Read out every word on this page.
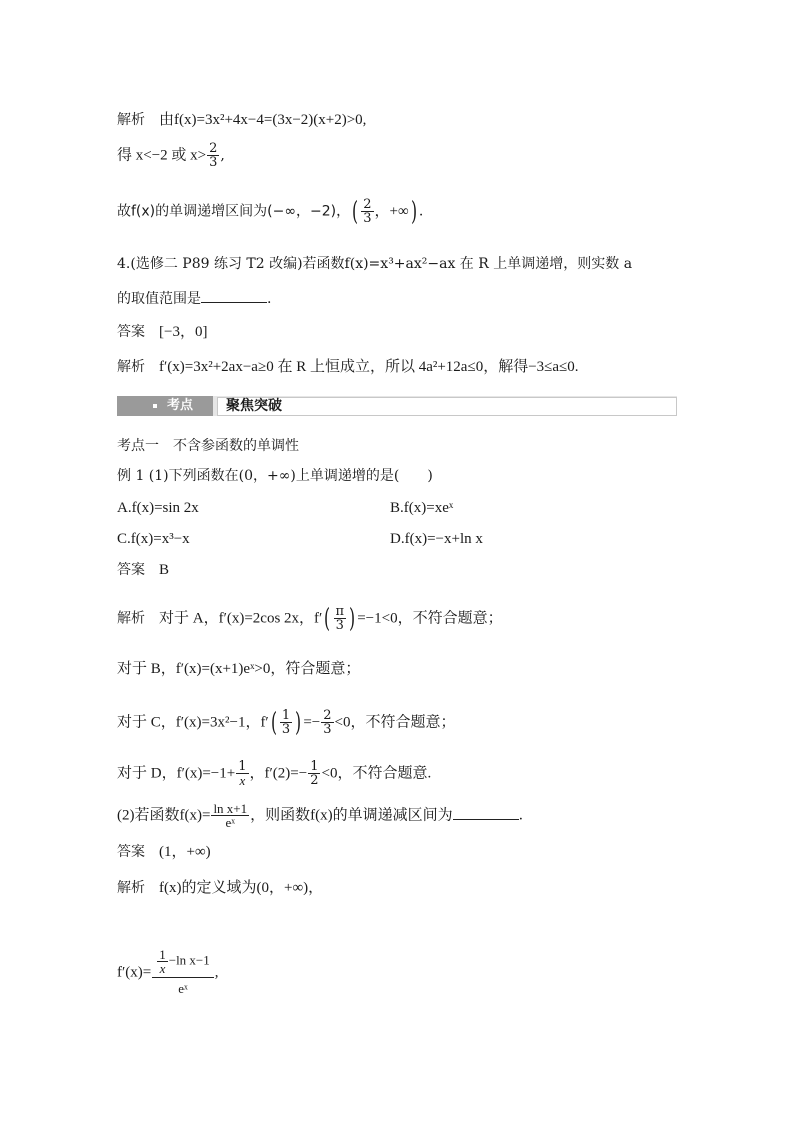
解析　 由f(x)=3x²+4x−4=(3x−2)(x+2)>0,
得 x<−2 或 $x> \frac{2}{3}$ ,
故f(x)的单调递增区间为(−∞，−2)，( $\frac{2}{3}$ ，+∞) .
4.(选修二 P89 练习 T2 改编)若函数f(x)=x³+ax²−ax 在 R 上单调递增，则实数 a
的取值范围是	.
答案　 [−3，0]
解析　 f′(x)=3x²+2ax−a≥0 在 R 上恒成立，所以 4a²+12a≤0，解得−3≤a≤0.
考点	聚焦突破
考点一　不含参函数的单调性
例 1 (1)下列函数在(0，+∞)上单调递增的是(　　)
A.f(x)=sin 2x	B.f(x)=xeˣ
C.f(x)=x³−x	D.f(x)=−x+ln x
答案　 B
解析　 对于 A，f′(x)=2cos 2x，$f'( \frac{\pi}{3}$ ) =−1<0，不符合题意；
对于 B，f′(x)=(x+1)eˣ>0，符合题意；
对于 C，f′(x)=3x²−1，$f'( \frac{1}{3}$ ) =− $\frac{2}{3} <0$，不符合题意；
对于 D，$f'(x)=-1+ \frac{1}{x}$ ，$f'(2)=- \frac{1}{2} <0$，不符合题意.
(2)若函数$f(x)= \frac{\text{ln x+1}}{\text{eˣ}}$ ，则函数f(x)的单调递减区间为	.
答案　 (1，+∞)
解析　 f(x)的定义域为(0，+∞)，
$f'(x)= \frac{\frac{1}{x} -\ln x-1}{\text{eˣ}}$ ,
